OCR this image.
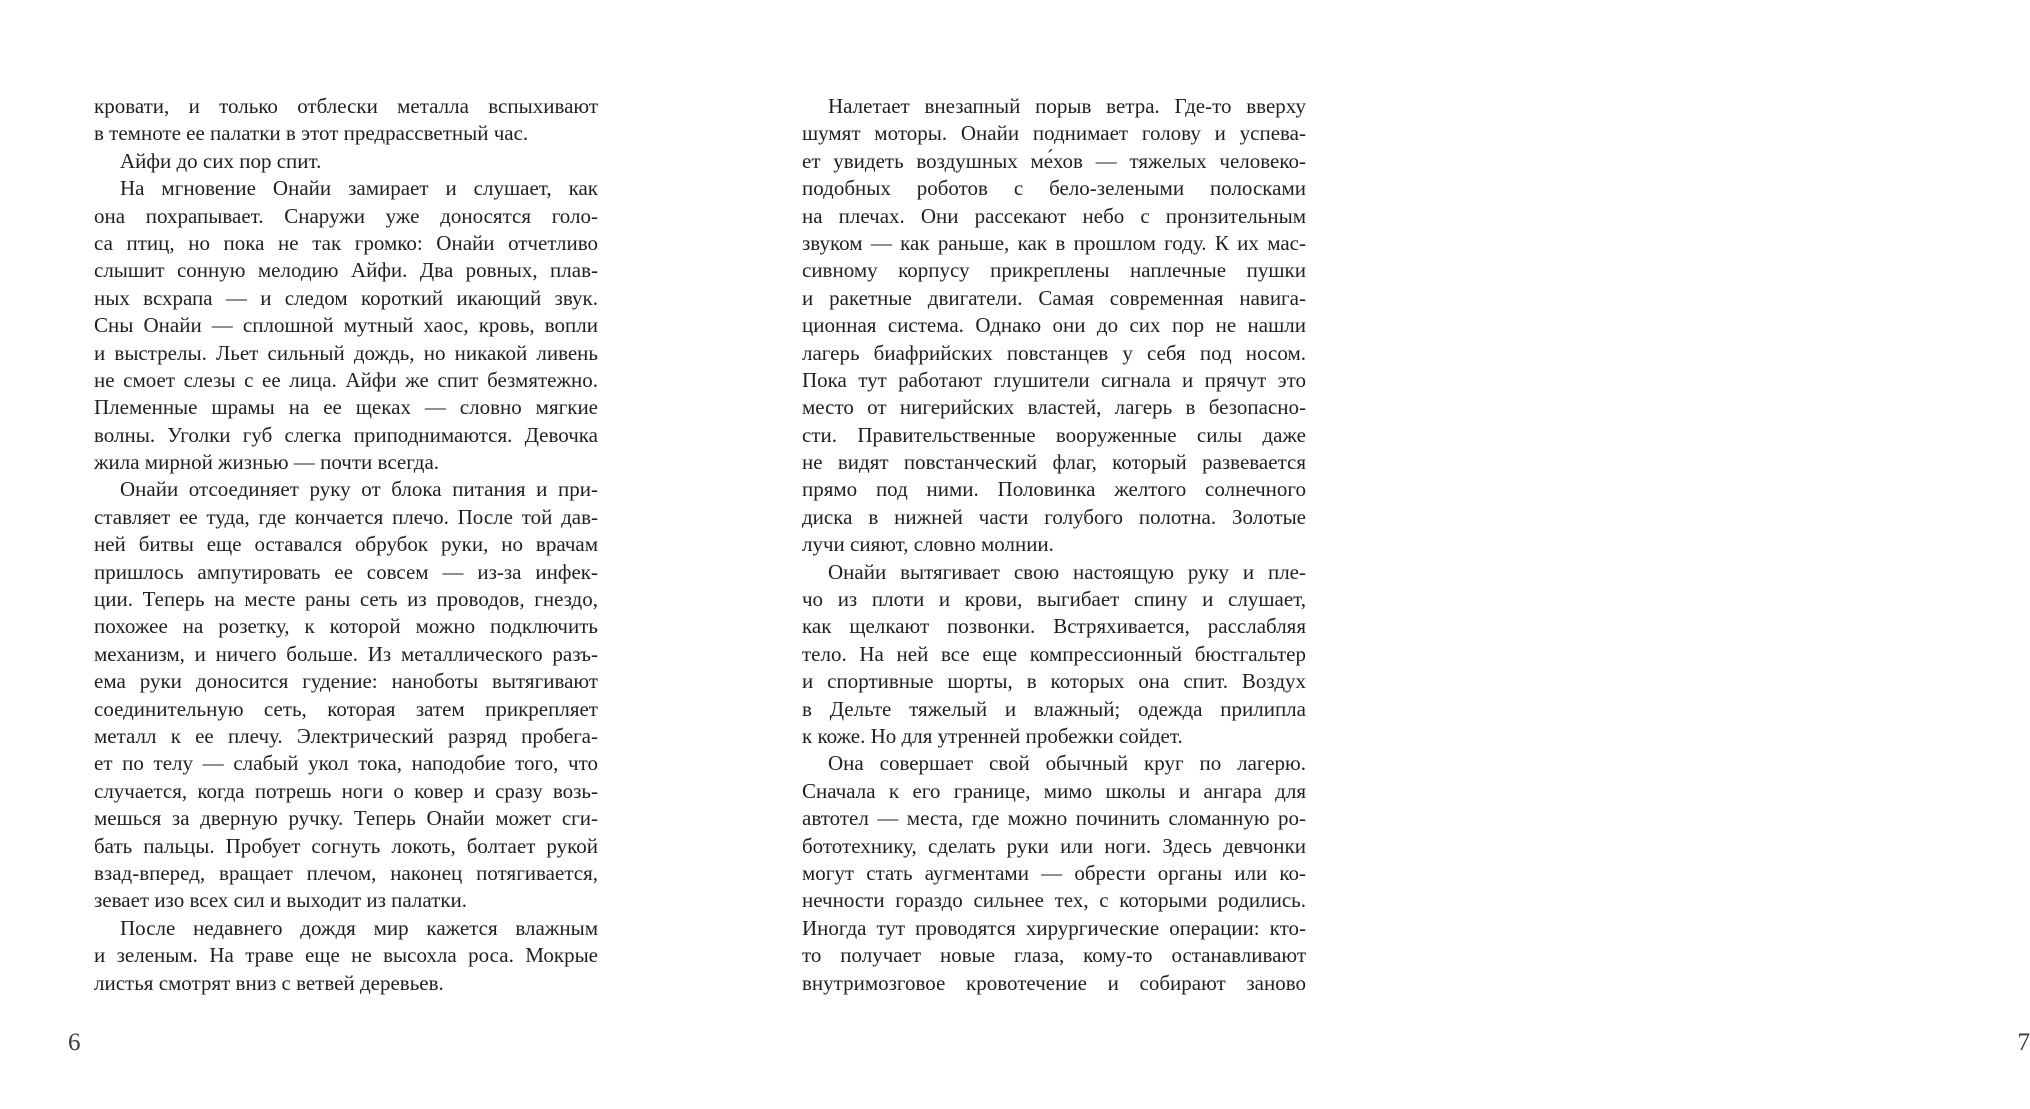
кровати, и только отблески металла вспыхивают
в темноте ее палатки в этот предрассветный час.
Айфи до сих пор спит.
На мгновение Онайи замирает и слушает, как
она похрапывает. Снаружи уже доносятся голо-
са птиц, но пока не так громко: Онайи отчетливо
слышит сонную мелодию Айфи. Два ровных, плав-
ных всхрапа — и следом короткий икающий звук.
Сны Онайи — сплошной мутный хаос, кровь, вопли
и выстрелы. Льет сильный дождь, но никакой ливень
не смоет слезы с ее лица. Айфи же спит безмятежно.
Племенные шрамы на ее щеках — словно мягкие
волны. Уголки губ слегка приподнимаются. Девочка
жила мирной жизнью — почти всегда.
Онайи отсоединяет руку от блока питания и при-
ставляет ее туда, где кончается плечо. После той дав-
ней битвы еще оставался обрубок руки, но врачам
пришлось ампутировать ее совсем — из-за инфек-
ции. Теперь на месте раны сеть из проводов, гнездо,
похожее на розетку, к которой можно подключить
механизм, и ничего больше. Из металлического разъ-
ема руки доносится гудение: наноботы вытягивают
соединительную сеть, которая затем прикрепляет
металл к ее плечу. Электрический разряд пробега-
ет по телу — слабый укол тока, наподобие того, что
случается, когда потрешь ноги о ковер и сразу возь-
мешься за дверную ручку. Теперь Онайи может сги-
бать пальцы. Пробует согнуть локоть, болтает рукой
взад-вперед, вращает плечом, наконец потягивается,
зевает изо всех сил и выходит из палатки.
После недавнего дождя мир кажется влажным
и зеленым. На траве еще не высохла роса. Мокрые
листья смотрят вниз с ветвей деревьев.
6
Налетает внезапный порыв ветра. Где-то вверху
шумят моторы. Онайи поднимает голову и успева-
ет увидеть воздушных ме́хов — тяжелых человеко-
подобных роботов с бело-зелеными полосками
на плечах. Они рассекают небо с пронзительным
звуком — как раньше, как в прошлом году. К их мас-
сивному корпусу прикреплены наплечные пушки
и ракетные двигатели. Самая современная навига-
ционная система. Однако они до сих пор не нашли
лагерь биафрийских повстанцев у себя под носом.
Пока тут работают глушители сигнала и прячут это
место от нигерийских властей, лагерь в безопасно-
сти. Правительственные вооруженные силы даже
не видят повстанческий флаг, который развевается
прямо под ними. Половинка желтого солнечного
диска в нижней части голубого полотна. Золотые
лучи сияют, словно молнии.
Онайи вытягивает свою настоящую руку и пле-
чо из плоти и крови, выгибает спину и слушает,
как щелкают позвонки. Встряхивается, расслабляя
тело. На ней все еще компрессионный бюстгальтер
и спортивные шорты, в которых она спит. Воздух
в Дельте тяжелый и влажный; одежда прилипла
к коже. Но для утренней пробежки сойдет.
Она совершает свой обычный круг по лагерю.
Сначала к его границе, мимо школы и ангара для
автотел — места, где можно починить сломанную ро-
бототехнику, сделать руки или ноги. Здесь девчонки
могут стать аугментами — обрести органы или ко-
нечности гораздо сильнее тех, с которыми родились.
Иногда тут проводятся хирургические операции: кто-
то получает новые глаза, кому-то останавливают
внутримозговое кровотечение и собирают заново
7
